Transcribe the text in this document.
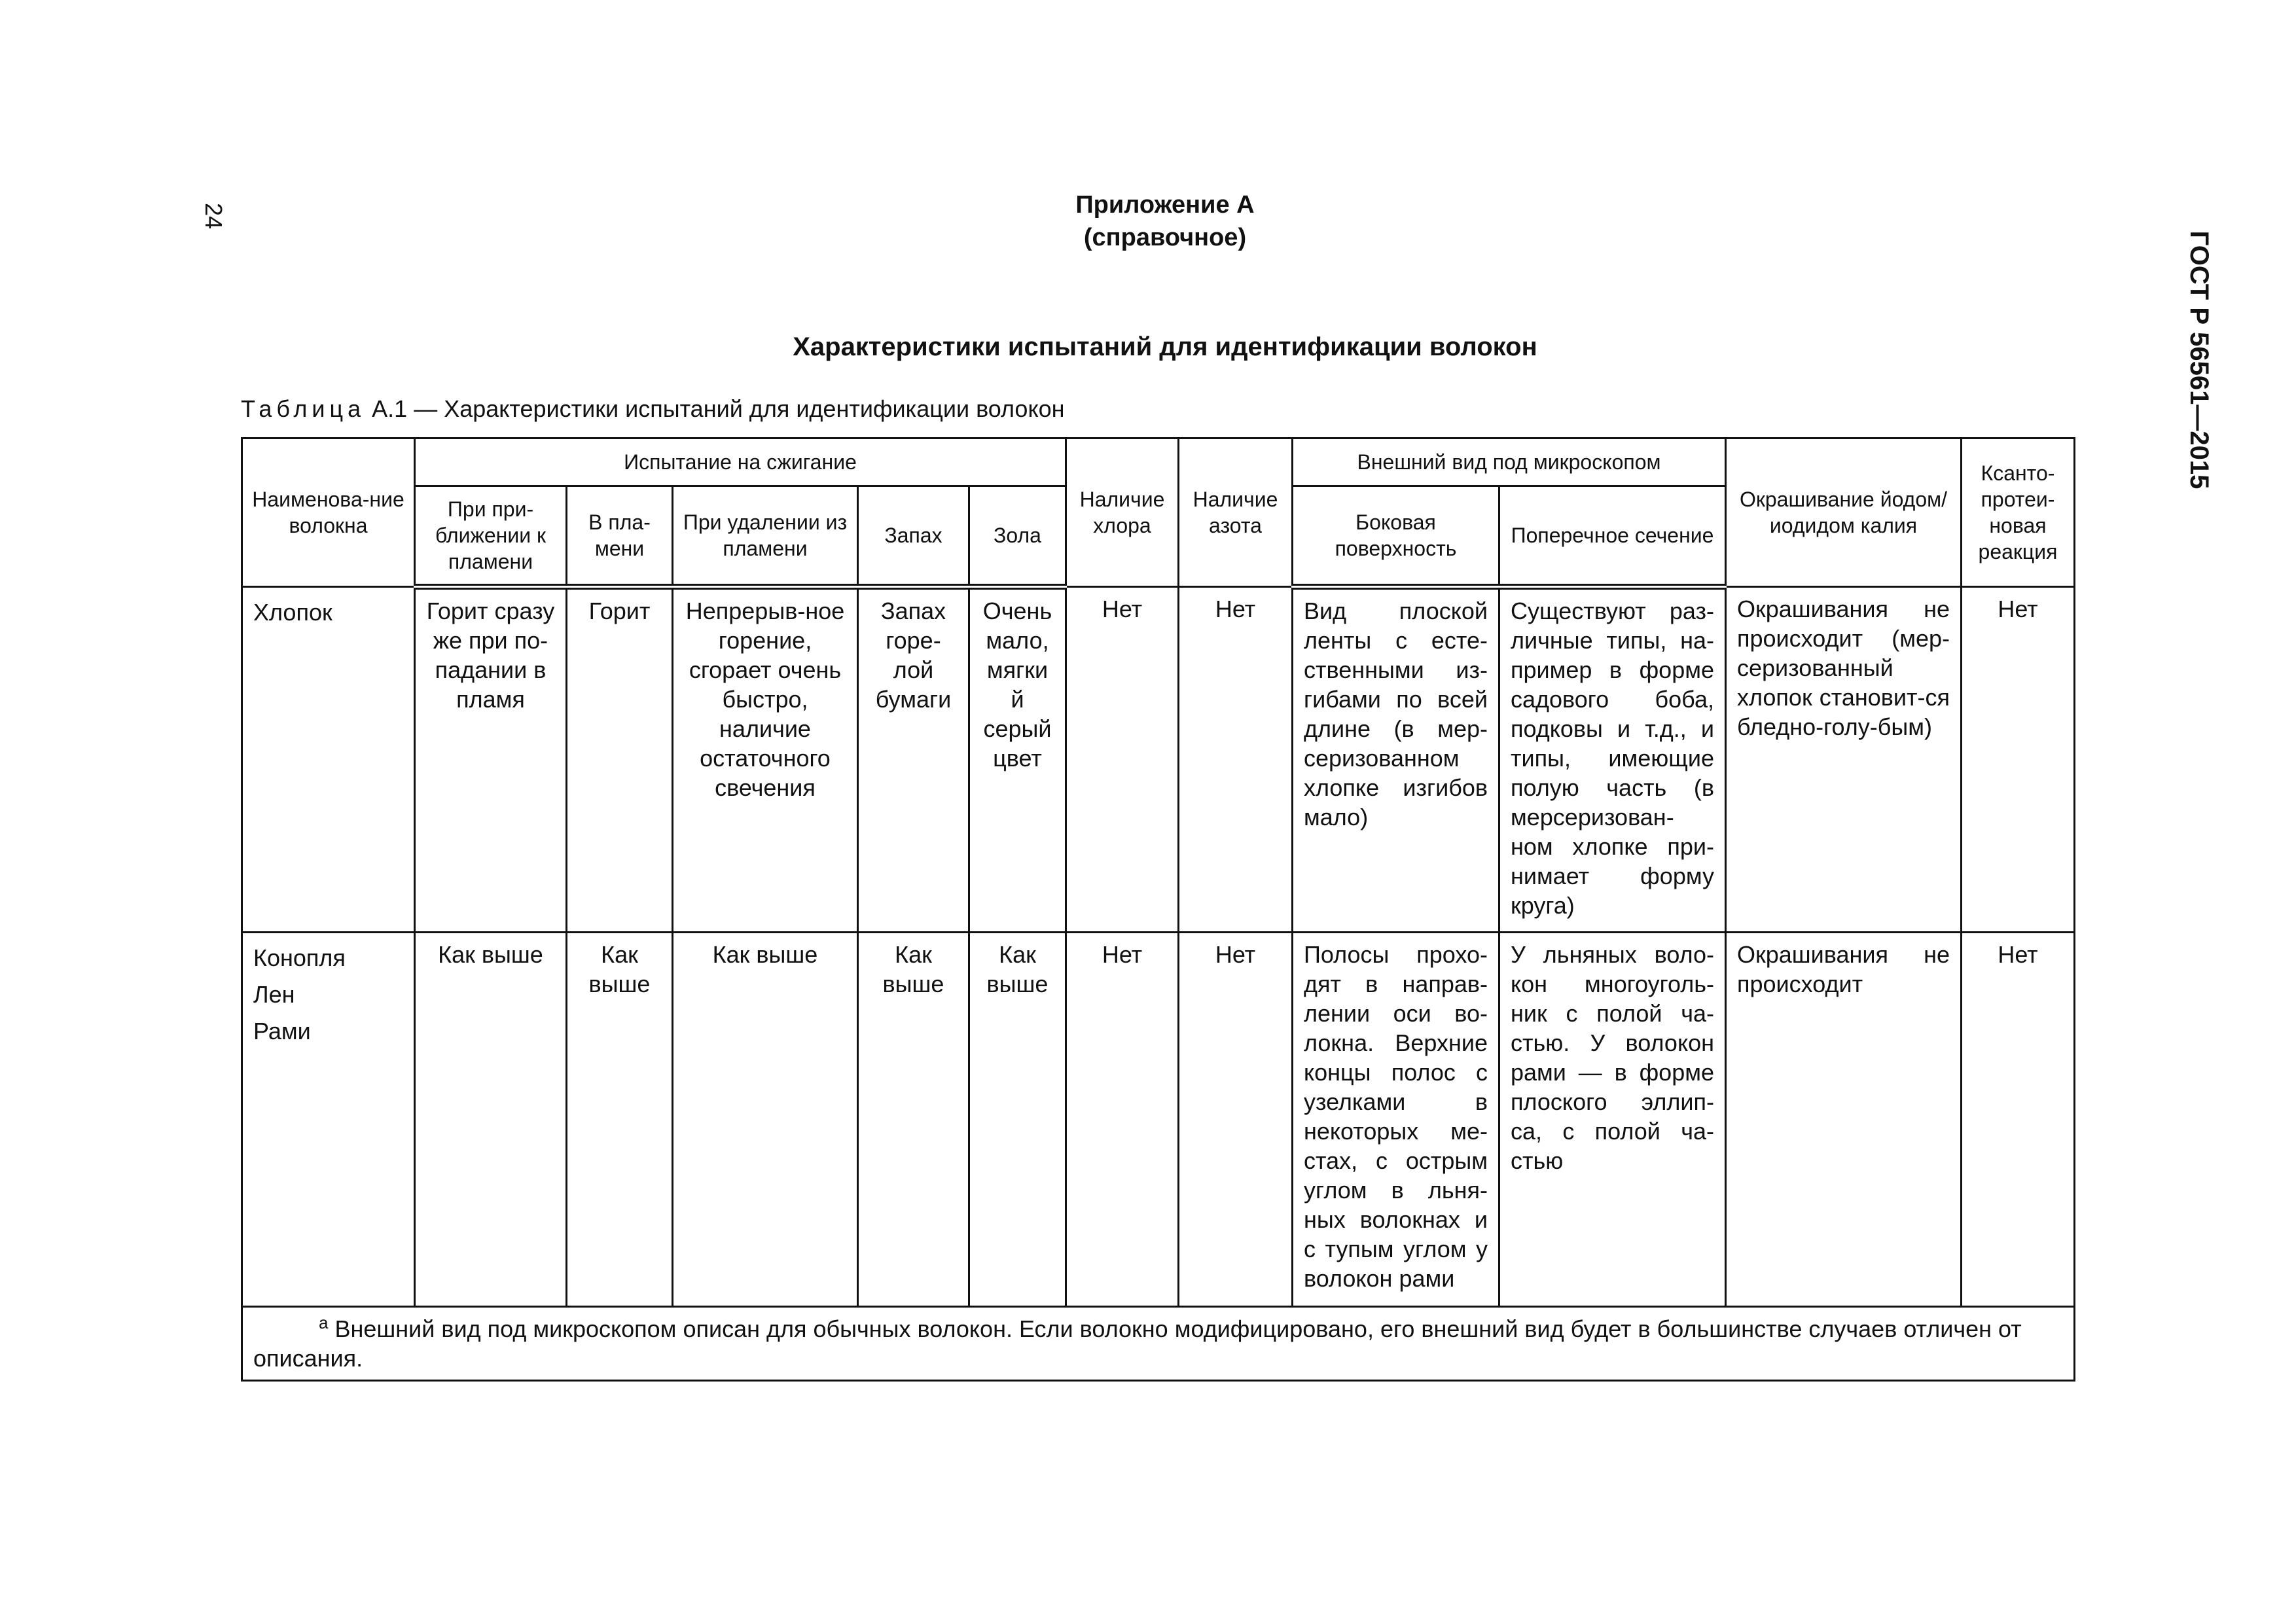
24
ГОСТ Р 56561—2015
Приложение А
(справочное)
Характеристики испытаний для идентификации волокон
Таблица А.1 — Характеристики испытаний для идентификации волокон
Наименова-ние волокна	Испытание на сжигание					Наличие хлора	Наличие азота	Внешний вид под микроскопом		Окрашивание йодом/ иодидом калия	Ксанто-протеи-новая реакция
	При при-ближении к пламени	В пла-мени	При удалении из пламени	Запах	Зола			Боковая поверхность	Поперечное сечение		

Хлопок	Горит сразу же при по-падании в пламя	Горит	Непрерыв-ное горение, сгорает очень быстро, наличие остаточного свечения	Запах горе-лой бумаги	Очень мало, мягкий серый цвет	Нет	Нет	Вид плоской ленты с есте-ственными из-гибами по всей длине (в мер-серизованном хлопке изгибов мало)	Существуют раз-личные типы, на-пример в форме садового боба, подковы и т.д., и типы, имеющие полую часть (в мерсеризован-ном хлопке при-нимает форму круга)	Окрашивания не происходит (мер-серизованный хлопок становит-ся бледно-голу-бым)	Нет

Конопля
Лен
Рами	Как выше	Как выше	Как выше	Как выше	Как выше	Нет	Нет	Полосы прохо-дят в направ-лении оси во-локна. Верхние концы полос с узелками в некоторых ме-стах, с острым углом в льня-ных волокнах и с тупым углом у волокон рами	У льняных воло-кон многоуголь-ник с полой ча-стью. У волокон рами — в форме плоского эллип-са, с полой ча-стью	Окрашивания не происходит	Нет
$^а$ Внешний вид под микроскопом описан для обычных волокон. Если волокно модифицировано, его внешний вид будет в большинстве случаев отличен от описания.											
